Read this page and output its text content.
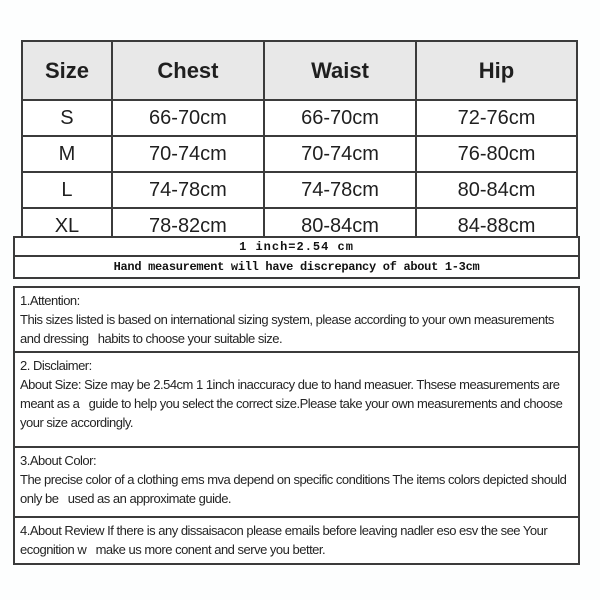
Size	Chest	Waist	Hip
S	66-70cm	66-70cm	72-76cm
M	70-74cm	70-74cm	76-80cm
L	74-78cm	74-78cm	80-84cm
XL	78-82cm	80-84cm	84-88cm
1 inch=2.54 cm
Hand measurement will have discrepancy of about 1-3cm
1.Attention:
This sizes listed is based on international sizing system, please according to your own measurements and dressing   habits to choose your suitable size.
2. Disclaimer:
About Size: Size may be 2.54cm 1 1inch inaccuracy due to hand measuer. Thsese measurements are meant as a   guide to help you select the correct size.Please take your own measurements and choose your size accordingly.
3.About Color:
The precise color of a clothing ems mva depend on specific conditions The items colors depicted should only be   used as an approximate guide.
4.About Review If there is any dissaisacon please emails before leaving nadler eso esv the see Your ecognition w   make us more conent and serve you better.
